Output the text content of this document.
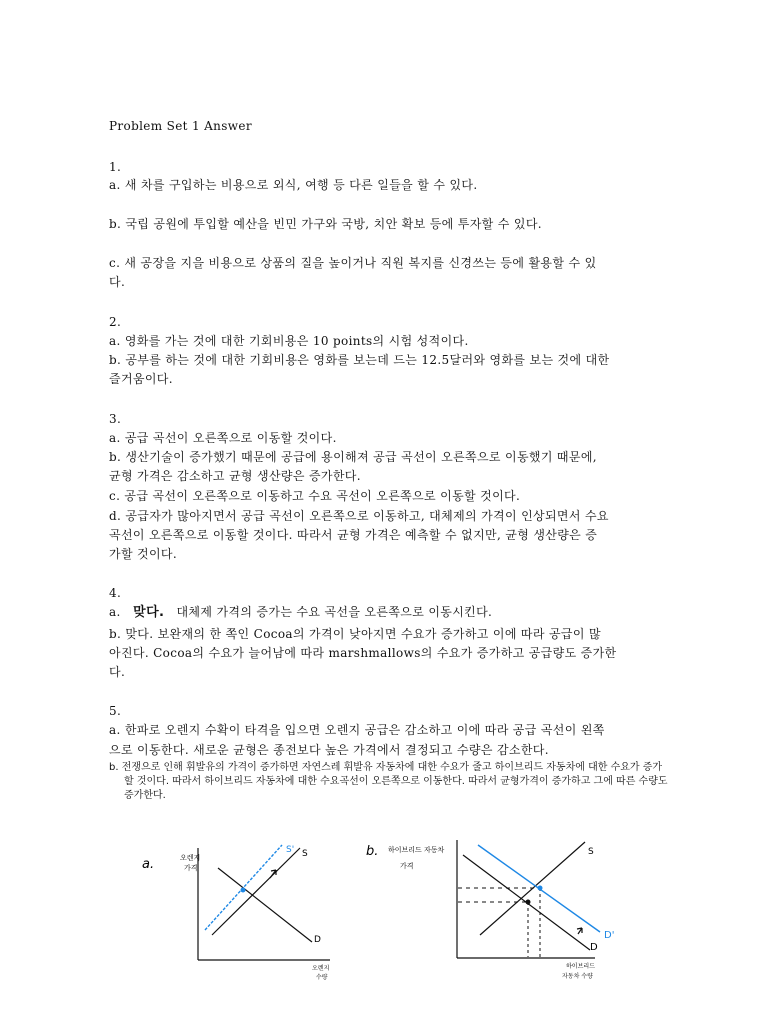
Problem Set 1 Answer
1.
a. 새 차를 구입하는 비용으로 외식, 여행 등 다른 일들을 할 수 있다.
b. 국립 공원에 투입할 예산을 빈민 가구와 국방, 치안 확보 등에 투자할 수 있다.
c. 새 공장을 지을 비용으로 상품의 질을 높이거나 직원 복지를 신경쓰는 등에 활용할 수 있
다.
2.
a. 영화를 가는 것에 대한 기회비용은 10 points의 시험 성적이다.
b. 공부를 하는 것에 대한 기회비용은 영화를 보는데 드는 12.5달러와 영화를 보는 것에 대한
즐거움이다.
3.
a. 공급 곡선이 오른쪽으로 이동할 것이다.
b. 생산기술이 증가했기 때문에 공급에 용이해져 공급 곡선이 오른쪽으로 이동했기 때문에,
균형 가격은 감소하고 균형 생산량은 증가한다.
c. 공급 곡선이 오른쪽으로 이동하고 수요 곡선이 오른쪽으로 이동할 것이다.
d. 공급자가 많아지면서 공급 곡선이 오른쪽으로 이동하고, 대체제의 가격이 인상되면서 수요
곡선이 오른쪽으로 이동할 것이다. 따라서 균형 가격은 예측할 수 없지만, 균형 생산량은 증
가할 것이다.
4.
a. 맞다. 대체제 가격의 증가는 수요 곡선을 오른쪽으로 이동시킨다.
b. 맞다. 보완재의 한 쪽인 Cocoa의 가격이 낮아지면 수요가 증가하고 이에 따라 공급이 많
아진다. Cocoa의 수요가 늘어남에 따라 marshmallows의 수요가 증가하고 공급량도 증가한
다.
5.
a. 한파로 오렌지 수확이 타격을 입으면 오렌지 공급은 감소하고 이에 따라 공급 곡선이 왼쪽
으로 이동한다. 새로운 균형은 종전보다 높은 가격에서 결정되고 수량은 감소한다.
b. 전쟁으로 인해 휘발유의 가격이 증가하면 자연스레 휘발유 자동차에 대한 수요가 줄고 하이브리드 자동차에 대한 수요가 증가
할 것이다. 따라서 하이브리드 자동차에 대한 수요곡선이 오른쪽으로 이동한다. 따라서 균형가격이 증가하고 그에 따른 수량도
증가한다.
a.	오렌지
가격
S' S
D
오렌지
수량
b. 하이브리드 자동차
가격
S
D
D'
하이브리드
자동차 수량
